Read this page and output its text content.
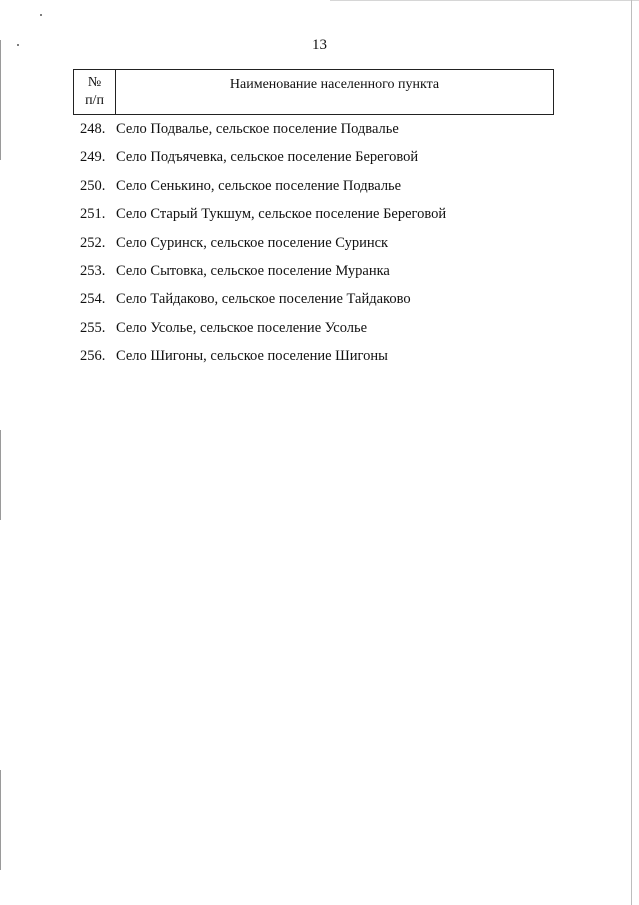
13
№
п/п
Наименование населенного пункта
248. Село Подвалье, сельское поселение Подвалье
249. Село Подъячевка, сельское поселение Береговой
250. Село Сенькино, сельское поселение Подвалье
251. Село Старый Тукшум, сельское поселение Береговой
252. Село Суринск, сельское поселение Суринск
253. Село Сытовка, сельское поселение Муранка
254. Село Тайдаково, сельское поселение Тайдаково
255. Село Усолье, сельское поселение Усолье
256. Село Шигоны, сельское поселение Шигоны
